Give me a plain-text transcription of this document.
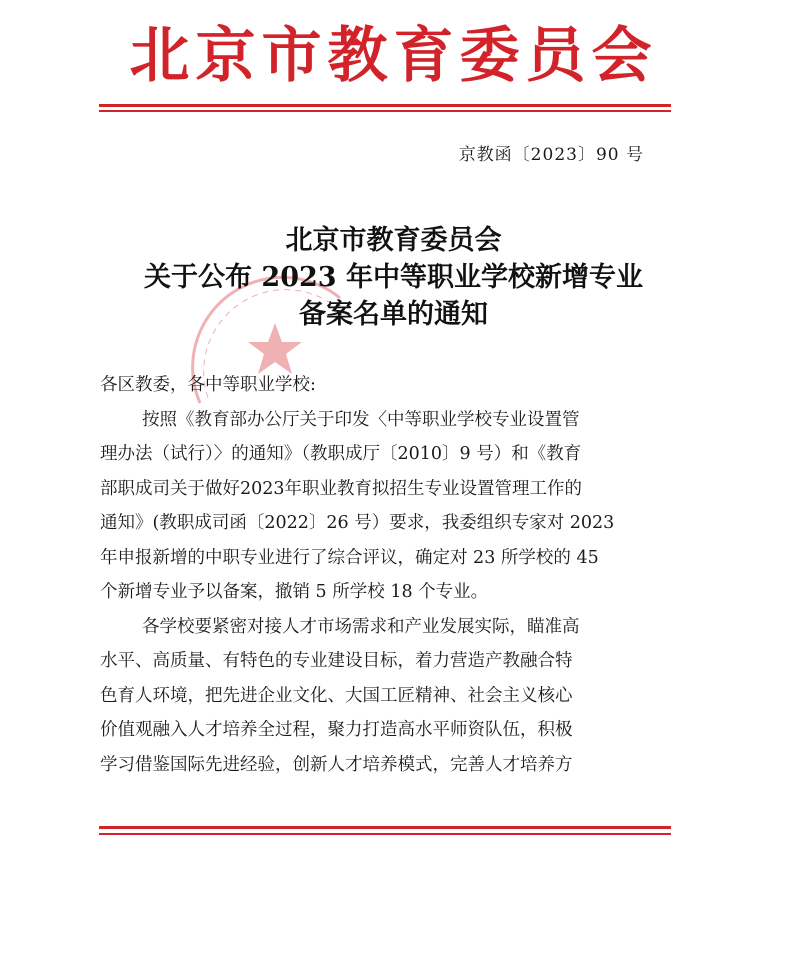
北京市教育委员会
京教函〔2023〕90 号
北京市教育委员会
关于公布 2023 年中等职业学校新增专业
备案名单的通知
各区教委，各中等职业学校:
按照《教育部办公厅关于印发〈中等职业学校专业设置管
理办法（试行）〉的通知》（教职成厅〔2010〕9 号）和《教育
部职成司关于做好2023年职业教育拟招生专业设置管理工作的
通知》(教职成司函〔2022〕26 号）要求，我委组织专家对 2023
年申报新增的中职专业进行了综合评议，确定对 23 所学校的 45
个新增专业予以备案，撤销 5 所学校 18 个专业。
各学校要紧密对接人才市场需求和产业发展实际，瞄准高
水平、高质量、有特色的专业建设目标，着力营造产教融合特
色育人环境，把先进企业文化、大国工匠精神、社会主义核心
价值观融入人才培养全过程，聚力打造高水平师资队伍，积极
学习借鉴国际先进经验，创新人才培养模式，完善人才培养方
